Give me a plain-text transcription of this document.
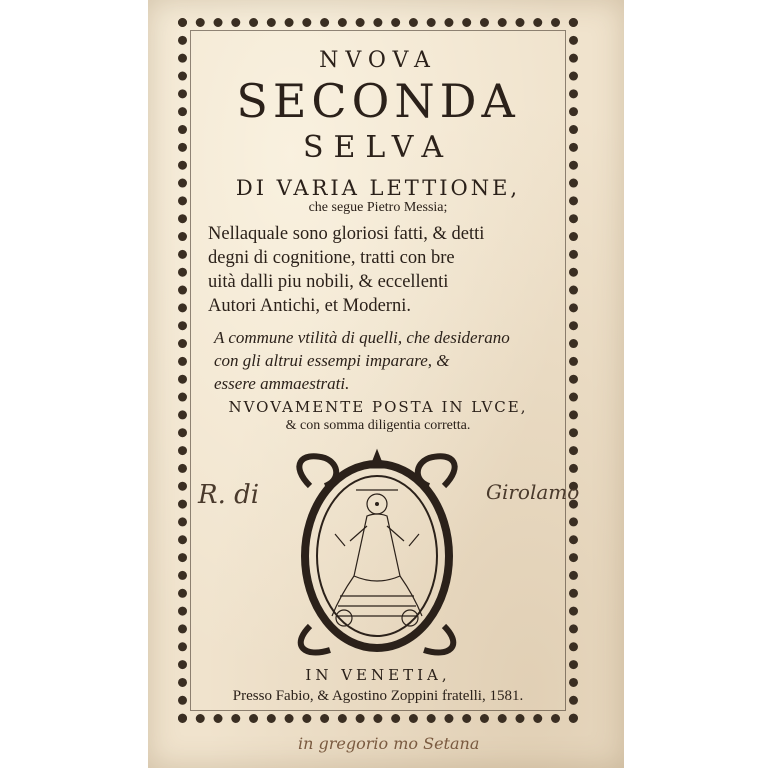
NVOVA
SECONDA
SELVA
DI VARIA LETTIONE,
che segue Pietro Messia;
Nellaquale sono gloriosi fatti, & detti
degni di cognitione, tratti con bre
uità dalli piu nobili, & eccellenti
Autori Antichi, et Moderni.
A commune vtilità di quelli, che desiderano
con gli altrui essempi imparare, &
essere ammaestrati.
NVOVAMENTE POSTA IN LVCE,
& con somma diligentia corretta.
R. di	Girolamo
IN VENETIA,
Presso Fabio, & Agostino Zoppini fratelli, 1581.
in gregorio mo Setana
